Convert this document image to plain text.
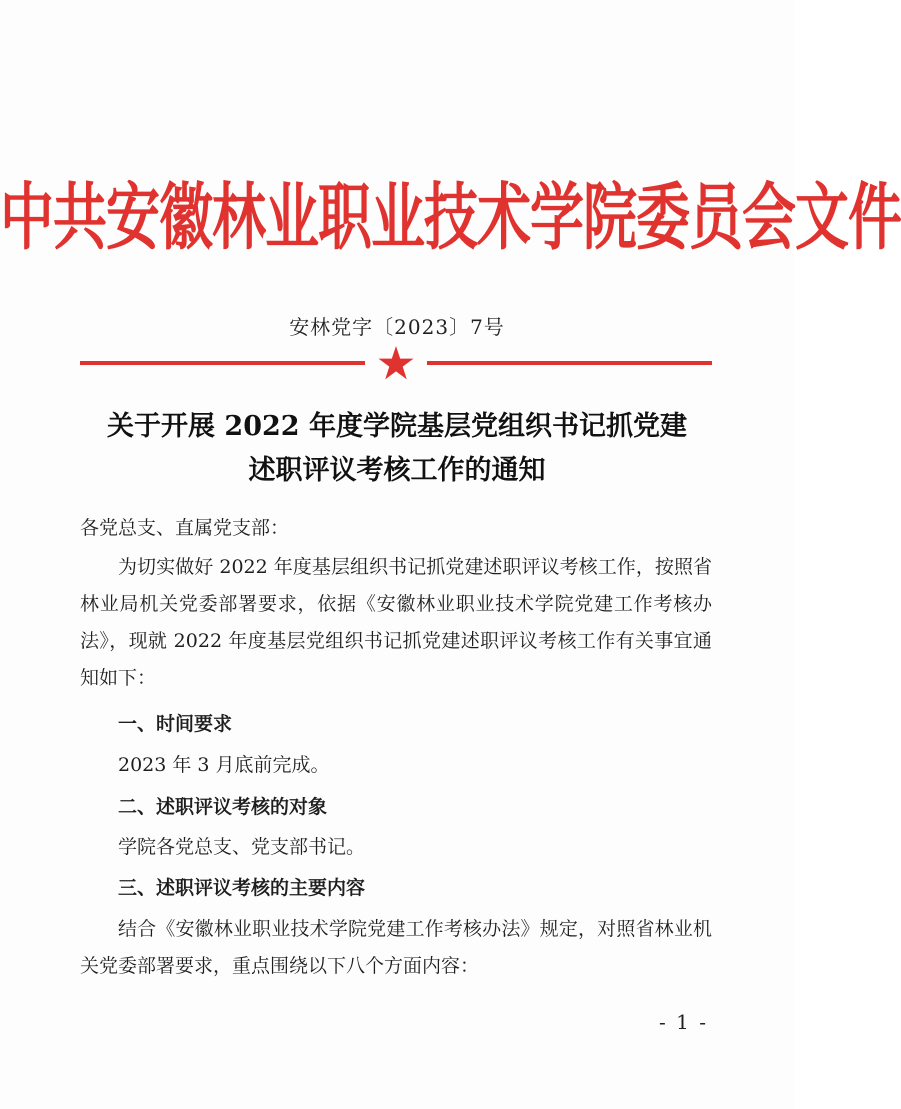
中共安徽林业职业技术学院委员会文件
安林党字〔2023〕7号
关于开展 2022 年度学院基层党组织书记抓党建
述职评议考核工作的通知
各党总支、直属党支部：
为切实做好 2022 年度基层组织书记抓党建述职评议考核工作，按照省林业局机关党委部署要求，依据《安徽林业职业技术学院党建工作考核办法》，现就 2022 年度基层党组织书记抓党建述职评议考核工作有关事宜通知如下：
一、时间要求
2023 年 3 月底前完成。
二、述职评议考核的对象
学院各党总支、党支部书记。
三、述职评议考核的主要内容
结合《安徽林业职业技术学院党建工作考核办法》规定，对照省林业机关党委部署要求，重点围绕以下八个方面内容：
- 1 -
